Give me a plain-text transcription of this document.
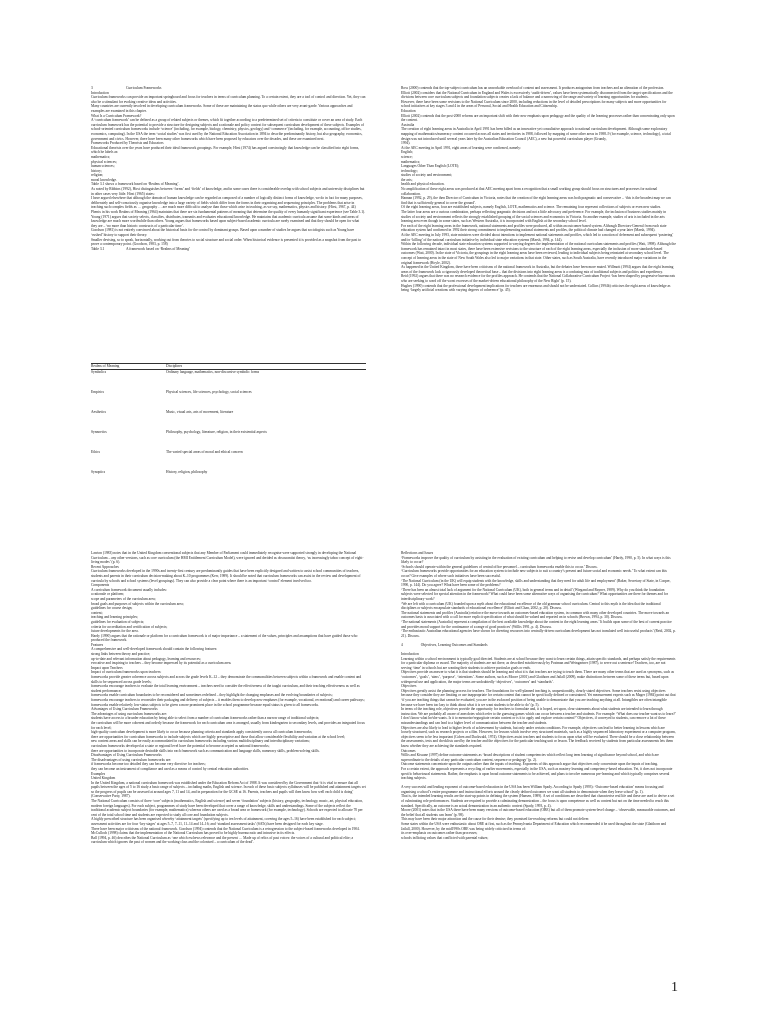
3	Curriculum Frameworks

Introduction

Curriculum frameworks can provide an important springboard and focus for teachers in terms of curriculum planning. To a certain extent, they are a tool of control and direction. Yet, they can also be a stimulant for evoking creative ideas and activities.

Many countries are currently involved in developing curriculum frameworks. Some of these are maintaining the status quo while others are very avant-garde. Various approaches and examples are examined in this chapter.

What Is a Curriculum Framework?

A ‘curriculum framework’ can be defined as a group of related subjects or themes, which fit together according to a predetermined set of criteria to constitute or cover an area of study. Each curriculum framework has the potential to provide a structure for designing subjects and a rationale and policy context for subsequent curriculum development of these subjects. Examples of school-oriented curriculum frameworks include ‘science’ (including, for example, biology, chemistry, physics, geology) and ‘commerce’ (including, for example, accounting, office studies, economics, computing). In the USA the term ‘social studies’ was first used by the National Education Association in 1894 to describe predominantly history, but also geography, economics, government and civics. However, there have been many other frameworks which have been proposed by educators over the decades, and these are examined next.

Frameworks Produced by Theorists and Educators

Educational theorists over the years have produced their ideal framework groupings. For example, Hirst (1974) has argued convincingly that knowledge can be classified into eight forms, which he labels as:

mathematics;

physical sciences;

human sciences;

history;

religion;

moral knowledge.

Table 3.1 shows a framework based on ‘Realms of Meaning’.

As noted by Ribbins (1992), Hirst distinguishes between ‘forms’ and ‘fields’ of knowledge, and in some cases there is considerable overlap with school subjects and university disciplines but in other cases very little. Hirst (1965) states:

I have argued elsewhere that although the domain of human knowledge can be regarded as composed of a number of logically distinct forms of knowledge, we do in fact for many purposes, deliberately and self-consciously organise knowledge into a large variety of fields which differ from the forms in their organising and sequencing principles. The problems that arise in teaching such complex fields as … geography … are much more difficult to analyse than those which arise in teaching, as we say, mathematics, physics and history. (Hirst, 1967, p. 44)

Phenix in his work Realms of Meaning (1964) maintains that there are six fundamental patterns of meaning that determine the quality of every humanly significant experience (see Table 3.1).

Young (1971) argues that society selects, classifies, distributes, transmits and evaluates educational knowledge. He maintains that academic curricula assume that some kinds and areas of knowledge are much more worthwhile than others. Young argues that frameworks based upon subject-based academic curricula are rarely examined and that they should be open for what they are – ‘no more than historic constructs of a particular time’.

Goodson (1981) is not entirely convinced about the historical basis for the control by dominant groups. Based upon a number of studies he argues that sociologists such as Young have ‘rushed’ history to support their theory.

Smaller devising, so to speak, horizontally, working out from theories to social structure and social order. When historical evidence is presented it is provided as a snapshot from the past to prove a contemporary point. (Goodson, 1983, p. 158)

Table 3.1	A framework based on ‘Realms of Meaning’
Realms of Meaning	Disciplines
Symbolics	Ordinary language, mathematics, non-discursive symbolic forms
Empirics	Physical sciences, life sciences, psychology, social sciences
Aesthetics	Music, visual arts, arts of movement, literature
Synnoetics	Philosophy, psychology, literature, religion, in their existential aspects
Ethics	The varied special areas of moral and ethical concern
Synoptics	History, religion, philosophy

Ross (2000) contends that the top-subject curriculum has an unworkable overload of content and assessment. It produces antagonism from teachers and an alienation of the profession.

Elliott (2002) considers that the National Curriculum in England and Wales is excessively ‘audit-driven’, values have been systematically disconnected from the target specifications and the divisions between core curriculum subjects and foundation subjects creates a lack of balance and a narrowing of the range and variety of learning opportunities for students.

However, there have been some revisions to the National Curriculum since 2000, including reductions in the level of detailed prescriptions for many subjects and more opportunities for school initiatives at key stages 3 and 4 in the areas of Personal, Social and Health Education and Citizenship.

Education

Elliott (2002) contends that the post-2000 reforms are an important shift with their new emphasis upon pedagogy and the quality of the learning processes rather than concentrating only upon the content.

Australia

The creation of eight learning areas in Australia in April 1991 has been billed as an innovative yet consultative approach to national curriculum development. Although some exploratory mapping of mathematics/numeracy content occurred across all states and territories in 1988, followed by mapping of some other areas in 1988–9 (for example, science, technology), a total design was not introduced until several years later by the Australian Education Council (AEC), a new but powerful curriculum player (Grundy,

1994).

At the AEC meeting in April 1991, eight areas of learning were confirmed, namely:

English;

science;

mathematics;

Languages Other Than English (LOTE);

technology;

studies of society and environment;

the arts;

health and physical education.

No amplification of these eight areas was produced at that AEC meeting apart from a recognition that a small working group should focus on structures and processes for national collaboration.

Hannan (1992, p. 29), the then Director of Curriculum in Victoria, notes that the creation of the eight learning areas was both pragmatic and conservative – ‘this is the broadest map we can find that is sufficiently general to cover the ground’.

Of the eight learning areas, four are established subjects, namely English, LOTE, mathematics and science. The remaining four represent collections of subjects or even new studies.

The latter four areas are a curious combination, perhaps reflecting pragmatic decisions and not a little advocacy and preference. For example, the inclusion of business studies mainly in studies of society and environment reflects the strongly established grouping of the social sciences and economics in Victoria. So another example, studies of arts is included in the arts learning area even though in some states, such as Western Australia, it is incorporated with English at the secondary school level.

For each of the eight learning areas in the framework, national statements and profiles were produced, all within an outcomes-based system. Although Directors-General from each state education system had confirmed in 1992 their strong commitment to implementing national statements and profiles, the political climate had changed a year later (Marsh, 1994).

At the AEC meeting in July 1993, state ministers were divided about intentions to implement national statements and profiles, which led to a motion of deferment and subsequent ‘postering’ and/or ‘killing’ of the national curriculum initiative by individual state education systems (Marsh, 1994, p. 144).

Within the following decade, individual state education systems supported to varying degrees the implementation of the national curriculum statements and profiles (Watt, 1998). Although the framework has remained intact in most states, there have been extensive revisions to the structure of each of the eight learning areas, especially the inclusion of more standards-based outcomes (Watt, 2000). In the state of Victoria, the groupings in the eight learning areas have been reviewed, leading to individual subjects being reinstated at secondary school level. The concept of learning areas in the state of New South Wales also led to major variations in that state. Other states, such as South Australia, have recently introduced major variations in the original framework (Hoyle, 2002).

As happened in the United Kingdom, there have been criticisms of the national framework in Australia, but the debates have been more muted. Willmott (1994) argues that the eight learning areas of the framework lack a rigorously developed theoretical base – that the divisions into eight learning areas is a confusing mix of traditional subjects and politics and expediency.

Reid (1992) argues that there was no research evidence for the profiles approach. He contends that the National Collaborative Curriculum Project ‘has been shaped by progressive bureaucrats who are seeking to ward off the worst excesses of the market-driven educational philosophy of the New Right’ (p. 15).

Hughes (1990) contends that the professional development implications for teachers are enormous and should not be understated. Collins (1994b) criticises the eight areas of knowledge as being ‘largely artificial creations with varying degrees of coherence’ (p. 45).

Lawton (1983) notes that in the United Kingdom conventional subjects that any Member of Parliament could immediately recognise were supported strongly in developing the National Curriculum – any other versions, such as core curriculum (the HMI Entitlement Curriculum Model), were ignored and derided as obscurantist theory, ‘as increasingly taboo concept of eight-living modes’ (p. 6).

Recent Approaches

Curriculum frameworks developed in the 1990s and twenty-first century are predominantly guides that have been explicitly designed and written to assist school communities of teachers, students and parents in their curriculum decision-making about K–10 programmes (Kerr, 1989). It should be noted that curriculum frameworks can assist in the review and development of curricula by schools and school systems (level groupings). They can also provide a clear point where there is an important ‘control’ element involved too.

Components

A curriculum framework document usually includes:

a rationale or platform;

scope and parameters of the curriculum area;

broad goals and purposes of subjects within the curriculum area;

guidelines for course design;

content;

teaching and learning principles;

guidelines for evaluation of subjects;

criteria for accreditation and certification of subjects;

future developments for the area.

Hardy (1990) argues that the rationale or platform for a curriculum framework is of major importance – a statement of the values, principles and assumptions that have guided those who produced the framework.

Features

A comprehensive and well-developed framework should contain the following features:

strong links between theory and practice;

up-to-date and relevant information about pedagogy, learning and resources;

evocative and inspiring to teachers – they become impressed by its potential as a curriculum area.

Impact upon Teachers

Impact of curriculum frameworks upon teachers:

frameworks provide greater coherence across subjects and across the grade levels K–12 – they demonstrate the commonalities between subjects within a framework and enable content and skills to be sequenced across grade levels;

frameworks encourage teachers to evaluate the total learning environment – teachers need to consider the effectiveness of the taught curriculum, and their teaching effectiveness as well as student performance;

frameworks enable curriculum boundaries to be reconsidered and sometimes redefined – they highlight the changing emphases and the evolving boundaries of subjects;

frameworks encourage teachers to reconsider their packaging and delivery of subjects – it enables them to develop new emphases (for example, vocational, recreational) and career pathways;

frameworks enable relatively low-status subjects to be given a more prominent place in the school programme because equal status is given to all frameworks.

Advantages of Using Curriculum Frameworks

The advantages of using curriculum frameworks are:

students have access to a broader education by being able to select from a number of curriculum frameworks rather than a narrow range of traditional subjects;

the curriculum will be more coherent and orderly because the framework for each curriculum area is arranged, usually from kindergarten to secondary levels, and provides an integrated focus for each level;

high-quality curriculum development is more likely to occur because planning criteria and standards apply consistently across all curriculum frameworks;

there are opportunities for curriculum frameworks to include subjects which are highly prescriptive and those that allow considerable flexibility and variation at the school level;

new content areas and skills can be easily accommodated in curriculum frameworks including various multidisciplinary and interdisciplinary variations;

curriculum frameworks developed at a state or regional level have the potential to become accepted as national frameworks;

there are opportunities to incorporate desirable skills into each framework such as communication and language skills, numeracy skills, problem-solving skills.

Disadvantages of Using Curriculum Frameworks

The disadvantages of using curriculum frameworks are:

if frameworks become too detailed they can become very directive for teachers;

they can become an instrument of compliance and used as a means of control by central education authorities.

Examples

United Kingdom

In the United Kingdom, a national curriculum framework was established under the Education Reform Act of 1988. It was considered by the Government that ‘it is vital to ensure that all pupils between the ages of 5 to 16 study a basic range of subjects – including maths, English and science. In each of these basic subjects syllabuses will be published and attainment targets set so the progress of pupils can be assessed at around ages 7, 11 and 14, and in preparation for the GCSE at 16. Parents, teachers and pupils will then know how well each child is doing’ (Conservative Party, 1987).

The National Curriculum consists of three ‘core’ subjects (mathematics, English and science) and seven ‘foundation’ subjects (history, geography, technology, music, art, physical education, modern foreign languages). For each subject, programmes of study have been developed that cover a range of knowledge, skills and understandings. Some of the subjects reflect the traditional academic subject boundaries (for example, mathematics) whereas others are used as a broad area or framework (for example, technology). Schools are expected to allocate 70 per cent of the total school time and students are expected to study all core and foundation subjects.

A highly prescribed structure has been organised whereby ‘attainment targets’ (specifying up to ten levels of attainment, covering the ages 5–16) have been established for each subject; assessment activities are for four ‘key stages’ at ages 5–7, 7–11, 11–14 and 14–16; and ‘standard assessment tasks’ (SATs) have been designed for each key stage.

There have been major criticisms of the national framework. Goodson (1994) contends that the National Curriculum is a retrogression to the subject-based frameworks developed in 1904. McCulloch (1998) claims that the implementation of the National Curriculum has proved to be highly bureaucratic and intrusive in its effects.

Ball (1994, p. 46) describes the National Curriculum as ‘one which eschews relevance and the present … Made up of relics of past voices: the voices of a cultural and political elite; a curriculum which ignores the past of women and the working class and the colonised – a curriculum of the dead’.

Reflections and Issues

‘Frameworks improve the quality of curriculum by assisting in the evaluation of existing curriculum and helping to revise and develop curriculum’ (Hardy, 1990, p. 5). In what ways is this likely to occur?

‘Schools should operate within the general guidelines of central office personnel – curriculum frameworks enable this to occur.’ Discuss.

‘Curriculum frameworks provide opportunities for an education system to include new subjects to suit a country’s present and future social and economic needs.’ To what extent can this occur? Give examples of where such initiatives have been successful.

‘The National Curriculum (in the UK) will equip students with the knowledge, skills and understanding that they need for adult life and employment’ (Baker, Secretary of State, in Cooper, 1990, p. 144). Do you agree? What have been some of the problems?

‘There has been an almost total lack of argument for the National Curriculum (UK), both in general terms and in detail’ (Wiegand and Rayner, 1989). Why do you think the foundation subjects were selected for special attention in the framework? What could have been some alternative ways of organising the curriculum? What opportunities are there for themes and for interdisciplinary work?

‘We are left with a curriculum (UK) founded upon a myth about the educational excellence of the old grammar school curriculum. Central to this myth is the idea that the traditional disciplines or subjects encapsulate standards of educational excellence’ (Elliott and Chan, 2002, p. 20). Discuss.

The national statements and profiles (Australia) reinforce the move towards an outcomes-based education system, in common with many other developed countries. The move towards an outcomes basis is associated with a call for more explicit specification of what should be valued and reported on in schools (Brown, 1994, p. 30). Discuss.

‘The national statements (Australia) represent a compilation of the best available knowledge about the content in the eight learning areas.’ It builds upon some of the best of current practice and provides moral support for the continuance of a range of good practices’ (Willis 1991, p. 4). Discuss.

‘The enthusiastic Australian educational agencies have shown for diverting resources into centrally-driven curriculum development has not translated well into useful products’ (Reid, 2002, p. 21). Discuss.

4     Objectives, Learning Outcomes and Standards

Introduction

Learning within a school environment is typically goal directed. Students are at school because they want to learn certain things, attain specific standards, and perhaps satisfy the requirements for a particular diploma or award. The majority of students are not there, as described mischievously by Postman and Weingartner (1987), to serve out a sentence! Teachers, too, are not serving ‘time’ in schools but are wanting their students to achieve particular goals or ends.

Objectives provide an answer to what it is that students should be learning and what it is that teachers are trying to teach them. There are many other terms that are used as synonyms, such as ‘outcomes’, ‘goals’, ‘aims’, ‘purpose’, ‘intentions’. Some authors, such as Moore (2001) and Glatthorn and Jailall (2009), make distinctions between some of these terms but, based upon widespread use and application, the major terms are undoubtedly ‘objectives’, ‘outcomes’ and ‘standards’.

Objectives

Objectives greatly assist the planning process for teachers. The foundations for well-planned teaching is, unquestionably, clearly stated objectives. Some teachers resist using objectives because they consider they are limiting or use inappropriate for certain content that cannot be specifically defined or constrained. Yet measurement experts such as Mager (1984) point out that ‘if you are teaching things that cannot be evaluated, you are in the awkward position of being unable to demonstrate that you are teaching anything at all. Intangibles are often intangible because we have been too lazy to think about what it is we want students to be able to do’ (p. 5).

In terms of the teaching role, objectives provide the opportunity for teachers to formulate and, it is hoped, set upon, clear statements about what students are intended to learn through instruction. We are probably all aware of anecdotes which refer to the guessing games which can occur between a teacher and students. For example: ‘What does our teacher want us to learn?’ I don’t know what he/she wants. Is it to memorise/regurgitate certain content or is it to apply and explore certain content?’ Objectives, if conveyed to students, can remove a lot of these misunderstandings and can lead to a higher level of communication between the teacher and students.

Objectives are also likely to lead to higher levels of achievement by students, but only under certain conditions. For example, objectives can lead to better learning in lessons which are loosely structured, such as research projects or a film. However, for lessons which involve very structured materials, such as a highly sequenced laboratory experiment or a computer program, objectives seem to be less important (Cohen and Duckwald, 1974). Objectives assist teachers and students to focus upon what will be evaluated. There should be a close relationship between the assessments, tests and checklists used by the teacher and the objectives for the particular teaching unit or lesson. The feedback received by students from particular assessments lets them know whether they are achieving the standards required.

Outcomes

Willis and Kissane (1997) define outcome statements as ‘broad descriptions of student competencies which reflect long term learning of significance beyond school, and which are superordinate to the details of any particular curriculum content, sequence or pedagogy’ (p. 2).

Outcome statements concentrate upon the outputs rather than the inputs of teaching. Exponents of this approach argue that objectives only concentrate upon the inputs of teaching.

For a certain extent, the approach represents a recycling of earlier movements, especially in the USA, such as mastery learning and competency-based education. Yet, it does not incorporate specific behavioural statements. Rather, the emphasis is upon broad outcome statements to be achieved, and plans to involve numerous pre-learning and which typically comprises several teaching subjects.

A very successful and leading exponent of outcome-based education in the USA has been William Spady. According to Spady (1993): ‘Outcome-based education’ means focusing and organising a school’s entire programme and instructional efforts around the clearly defined outcomes we want all students to demonstrate when they leave school’ (p. 1).

That is, the intended learning results are the start-up points in defining the system (Hansen, 1989). A set of conditions are described that characterise real life and these are used to derive a set of culminating role performances. Students are required to provide a culminating demonstration – the focus is upon competence as well as content but not on the time needed to reach this standard. Specifically, an outcome is an actual demonstration in an authentic context (Spady, 1993, p. 4).

Moore (2001) notes that in the USA there have been many versions of outcome-based education (OBE) but all of them promote system-level change – ‘observable, measurable outcomes, and the belief that all students can learn’ (p. 98).

This may have been their major attraction and the cause for their demise; they promised far-reaching reforms but could not deliver.

Some states within the USA were enthusiastic about OBE at first, such as the Pennsylvania Department of Education which recommended it be used throughout the state (Glatthorn and Jailall, 2000). However, by the mid1990s OBE was being widely criticised in terms of:

its over-emphasis on outcomes rather than processes;

schools inflicting values that conflicted with parental values;

1
